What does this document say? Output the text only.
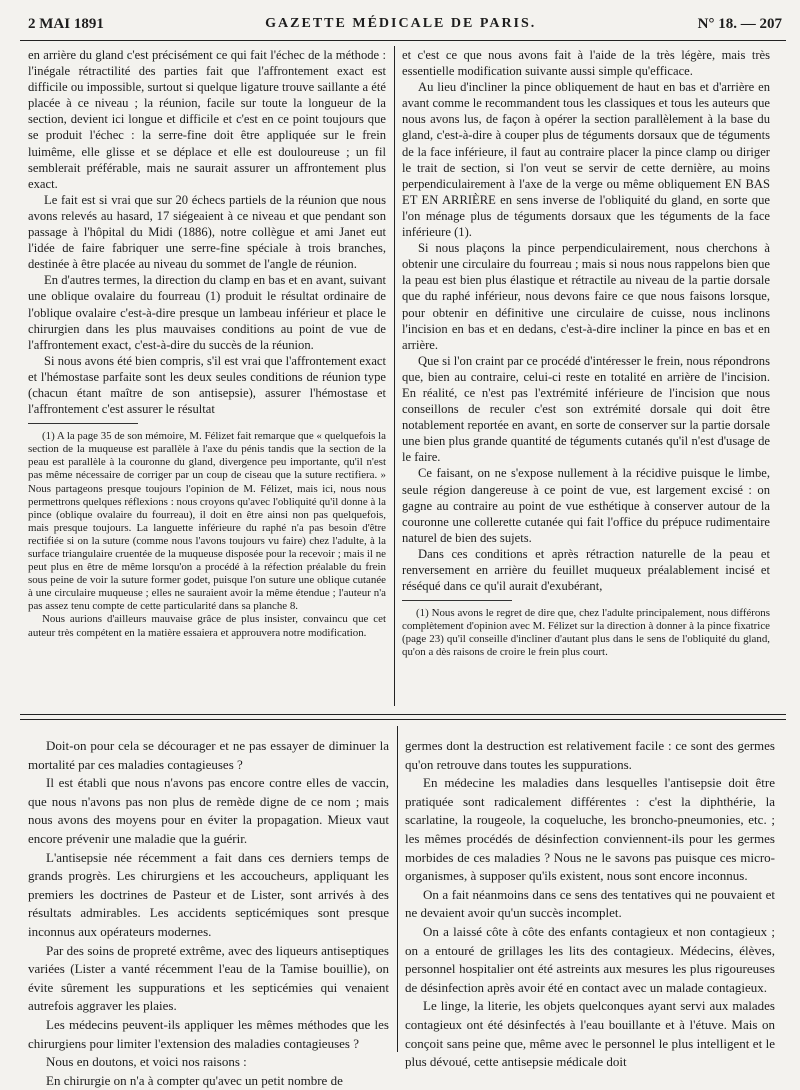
2 MAI 1891	GAZETTE MÉDICALE DE PARIS.	N° 18. — 207

en arrière du gland c'est précisément ce qui fait l'échec de la méthode : l'inégale rétractilité des parties fait que l'affrontement exact est difficile ou impossible, surtout si quelque ligature trouve saillante a été placée à ce niveau ; la réunion, facile sur toute la longueur de la section, devient ici longue et difficile et c'est en ce point toujours que se produit l'échec : la serre-fine doit être appliquée sur le frein luimême, elle glisse et se déplace et elle est douloureuse ; un fil semblerait préférable, mais ne saurait assurer un affrontement plus exact.

Le fait est si vrai que sur 20 échecs partiels de la réunion que nous avons relevés au hasard, 17 siégeaient à ce niveau et que pendant son passage à l'hôpital du Midi (1886), notre collègue et ami Janet eut l'idée de faire fabriquer une serre-fine spéciale à trois branches, destinée à être placée au niveau du sommet de l'angle de réunion.

En d'autres termes, la direction du clamp en bas et en avant, suivant une oblique ovalaire du fourreau (1) produit le résultat ordinaire de l'oblique ovalaire c'est-à-dire presque un lambeau inférieur et place le chirurgien dans les plus mauvaises conditions au point de vue de l'affrontement exact, c'est-à-dire du succès de la réunion.

Si nous avons été bien compris, s'il est vrai que l'affrontement exact et l'hémostase parfaite sont les deux seules conditions de réunion type (chacun étant maître de son antisepsie), assurer l'hémostase et l'affrontement c'est assurer le résultat

(1) A la page 35 de son mémoire, M. Félizet fait remarque que « quelquefois la section de la muqueuse est parallèle à l'axe du pénis tandis que la section de la peau est parallèle à la couronne du gland, divergence peu importante, qu'il n'est pas même nécessaire de corriger par un coup de ciseau que la suture rectifiera. » Nous partageons presque toujours l'opinion de M. Félizet, mais ici, nous nous permettrons quelques réflexions : nous croyons qu'avec l'obliquité qu'il donne à la pince (oblique ovalaire du fourreau), il doit en être ainsi non pas quelquefois, mais presque toujours. La languette inférieure du raphé n'a pas besoin d'être rectifiée si on la suture (comme nous l'avons toujours vu faire) chez l'adulte, à la surface triangulaire cruentée de la muqueuse disposée pour la recevoir ; mais il ne peut plus en être de même lorsqu'on a procédé à la réfection préalable du frein sous peine de voir la suture former godet, puisque l'on suture une oblique cutanée à une circulaire muqueuse ; elles ne sauraient avoir la même étendue ; l'auteur n'a pas assez tenu compte de cette particularité dans sa planche 8.

Nous aurions d'ailleurs mauvaise grâce de plus insister, convaincu que cet auteur très compétent en la matière essaiera et approuvera notre modification.

et c'est ce que nous avons fait à l'aide de la très légère, mais très essentielle modification suivante aussi simple qu'efficace.

Au lieu d'incliner la pince obliquement de haut en bas et d'arrière en avant comme le recommandent tous les classiques et tous les auteurs que nous avons lus, de façon à opérer la section parallèlement à la base du gland, c'est-à-dire à couper plus de téguments dorsaux que de téguments de la face inférieure, il faut au contraire placer la pince clamp ou diriger le trait de section, si l'on veut se servir de cette dernière, au moins perpendiculairement à l'axe de la verge ou même obliquement EN BAS ET EN ARRIÈRE en sens inverse de l'obliquité du gland, en sorte que l'on ménage plus de téguments dorsaux que les téguments de la face inférieure (1).

Si nous plaçons la pince perpendiculairement, nous cherchons à obtenir une circulaire du fourreau ; mais si nous nous rappelons bien que la peau est bien plus élastique et rétractile au niveau de la partie dorsale que du raphé inférieur, nous devons faire ce que nous faisons lorsque, pour obtenir en définitive une circulaire de cuisse, nous inclinons l'incision en bas et en dedans, c'est-à-dire incliner la pince en bas et en arrière.

Que si l'on craint par ce procédé d'intéresser le frein, nous répondrons que, bien au contraire, celui-ci reste en totalité en arrière de l'incision. En réalité, ce n'est pas l'extrémité inférieure de l'incision que nous conseillons de reculer c'est son extrémité dorsale qui doit être notablement reportée en avant, en sorte de conserver sur la partie dorsale une bien plus grande quantité de téguments cutanés qu'il n'est d'usage de le faire.

Ce faisant, on ne s'expose nullement à la récidive puisque le limbe, seule région dangereuse à ce point de vue, est largement excisé : on gagne au contraire au point de vue esthétique à conserver autour de la couronne une collerette cutanée qui fait l'office du prépuce rudimentaire naturel de bien des sujets.

Dans ces conditions et après rétraction naturelle de la peau et renversement en arrière du feuillet muqueux préalablement incisé et réséqué dans ce qu'il aurait d'exubérant,

(1) Nous avons le regret de dire que, chez l'adulte principalement, nous différons complètement d'opinion avec M. Félizet sur la direction à donner à la pince fixatrice (page 23) qu'il conseille d'incliner d'autant plus dans le sens de l'obliquité du gland, qu'on a dès raisons de croire le frein plus court.

Doit-on pour cela se décourager et ne pas essayer de diminuer la mortalité par ces maladies contagieuses ?

Il est établi que nous n'avons pas encore contre elles de vaccin, que nous n'avons pas non plus de remède digne de ce nom ; mais nous avons des moyens pour en éviter la propagation. Mieux vaut encore prévenir une maladie que la guérir.

L'antisepsie née récemment a fait dans ces derniers temps de grands progrès. Les chirurgiens et les accoucheurs, appliquant les premiers les doctrines de Pasteur et de Lister, sont arrivés à des résultats admirables. Les accidents septicémiques sont presque inconnus aux opérateurs modernes.

Par des soins de propreté extrême, avec des liqueurs antiseptiques variées (Lister a vanté récemment l'eau de la Tamise bouillie), on évite sûrement les suppurations et les septicémies qui venaient autrefois aggraver les plaies.

Les médecins peuvent-ils appliquer les mêmes méthodes que les chirurgiens pour limiter l'extension des maladies contagieuses ?

Nous en doutons, et voici nos raisons :

En chirurgie on n'a à compter qu'avec un petit nombre de

germes dont la destruction est relativement facile : ce sont des germes qu'on retrouve dans toutes les suppurations.

En médecine les maladies dans lesquelles l'antisepsie doit être pratiquée sont radicalement différentes : c'est la diphthérie, la scarlatine, la rougeole, la coqueluche, les broncho-pneumonies, etc. ; les mêmes procédés de désinfection conviennent-ils pour les germes morbides de ces maladies ? Nous ne le savons pas puisque ces micro-organismes, à supposer qu'ils existent, nous sont encore inconnus.

On a fait néanmoins dans ce sens des tentatives qui ne pouvaient et ne devaient avoir qu'un succès incomplet.

On a laissé côte à côte des enfants contagieux et non contagieux ; on a entouré de grillages les lits des contagieux. Médecins, élèves, personnel hospitalier ont été astreints aux mesures les plus rigoureuses de désinfection après avoir été en contact avec un malade contagieux.

Le linge, la literie, les objets quelconques ayant servi aux malades contagieux ont été désinfectés à l'eau bouillante et à l'étuve. Mais on conçoit sans peine que, même avec le personnel le plus intelligent et le plus dévoué, cette antisepsie médicale doit
